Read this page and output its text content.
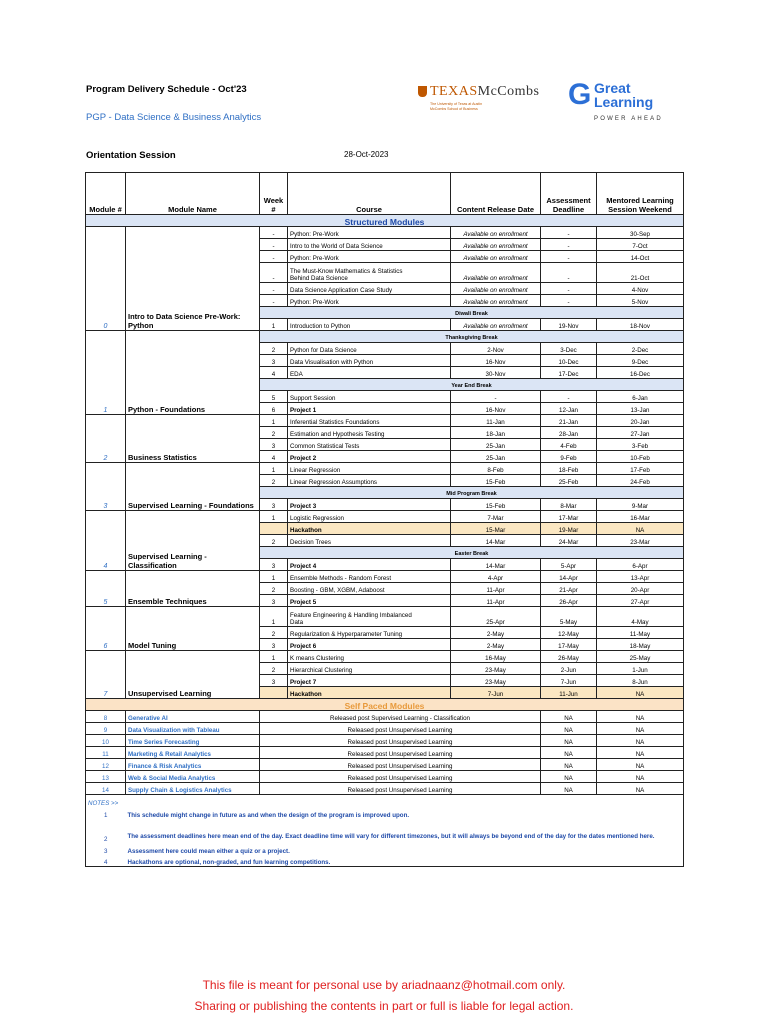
Program Delivery Schedule - Oct'23
PGP - Data Science & Business Analytics
TEXASMcCombs
The University of Texas at Austin
McCombs School of Business	G Great
Learning
POWER AHEAD
Orientation Session	28-Oct-2023
Module #	Module Name	Week #	Course	Content Release Date	Assessment Deadline	Mentored Learning Session Weekend
Structured Modules						
0	Intro to Data Science Pre-Work: Python	-	Python: Pre-Work	Available on enrollment	-	30-Sep
		-	Intro to the World of Data Science	Available on enrollment	-	7-Oct
		-	Python: Pre-Work	Available on enrollment	-	14-Oct
		-	The Must-Know Mathematics & Statistics
Behind Data Science	Available on enrollment	-	21-Oct
		-	Data Science Application Case Study	Available on enrollment	-	4-Nov
		-	Python: Pre-Work	Available on enrollment	-	5-Nov
		Diwali Break				
		1	Introduction to Python	Available on enrollment	19-Nov	18-Nov
1	Python - Foundations	Thanksgiving Break				
		2	Python for Data Science	2-Nov	3-Dec	2-Dec
		3	Data Visualisation with Python	16-Nov	10-Dec	9-Dec
		4	EDA	30-Nov	17-Dec	16-Dec
		Year End Break				
		5	Support Session	-	-	6-Jan
		6	Project 1	16-Nov	12-Jan	13-Jan
2	Business Statistics	1	Inferential Statistics Foundations	11-Jan	21-Jan	20-Jan
		2	Estimation and Hypothesis Testing	18-Jan	28-Jan	27-Jan
		3	Common Statistical Tests	25-Jan	4-Feb	3-Feb
		4	Project 2	25-Jan	9-Feb	10-Feb
3	Supervised Learning - Foundations	1	Linear Regression	8-Feb	18-Feb	17-Feb
		2	Linear Regression Assumptions	15-Feb	25-Feb	24-Feb
		Mid Program Break				
		3	Project 3	15-Feb	8-Mar	9-Mar
4	Supervised Learning - Classification	1	Logistic Regression	7-Mar	17-Mar	16-Mar
			Hackathon	15-Mar	19-Mar	NA
		2	Decision Trees	14-Mar	24-Mar	23-Mar
		Easter Break				
		3	Project 4	14-Mar	5-Apr	6-Apr
5	Ensemble Techniques	1	Ensemble Methods - Random Forest	4-Apr	14-Apr	13-Apr
		2	Boosting - GBM, XGBM, Adaboost	11-Apr	21-Apr	20-Apr
		3	Project 5	11-Apr	26-Apr	27-Apr
6	Model Tuning	1	Feature Engineering & Handling Imbalanced
Data	25-Apr	5-May	4-May
		2	Regularization & Hyperparameter Tuning	2-May	12-May	11-May
		3	Project 6	2-May	17-May	18-May
7	Unsupervised Learning	1	K means Clustering	16-May	26-May	25-May
		2	Hierarchical Clustering	23-May	2-Jun	1-Jun
		3	Project 7	23-May	7-Jun	8-Jun
			Hackathon	7-Jun	11-Jun	NA
Self Paced Modules						
8	Generative AI	Released post Supervised Learning - Classification			NA	NA
9	Data Visualization with Tableau	Released post Unsupervised Learning			NA	NA
10	Time Series Forecasting	Released post Unsupervised Learning			NA	NA
11	Marketing & Retail Analytics	Released post Unsupervised Learning			NA	NA
12	Finance & Risk Analytics	Released post Unsupervised Learning			NA	NA
13	Web & Social Media Analytics	Released post Unsupervised Learning			NA	NA
14	Supply Chain & Logistics Analytics	Released post Unsupervised Learning			NA	NA
NOTES >>						
1	This schedule might change in future as and when the design of the program is improved upon.					
2	The assessment deadlines here mean end of the day. Exact deadline time will vary for different timezones, but it will always be beyond end of the day for the dates mentioned here.					
3	Assessment here could mean either a quiz or a project.					
4	Hackathons are optional, non-graded, and fun learning competitions.					
This file is meant for personal use by ariadnaanz@hotmail.com only.
Sharing or publishing the contents in part or full is liable for legal action.
